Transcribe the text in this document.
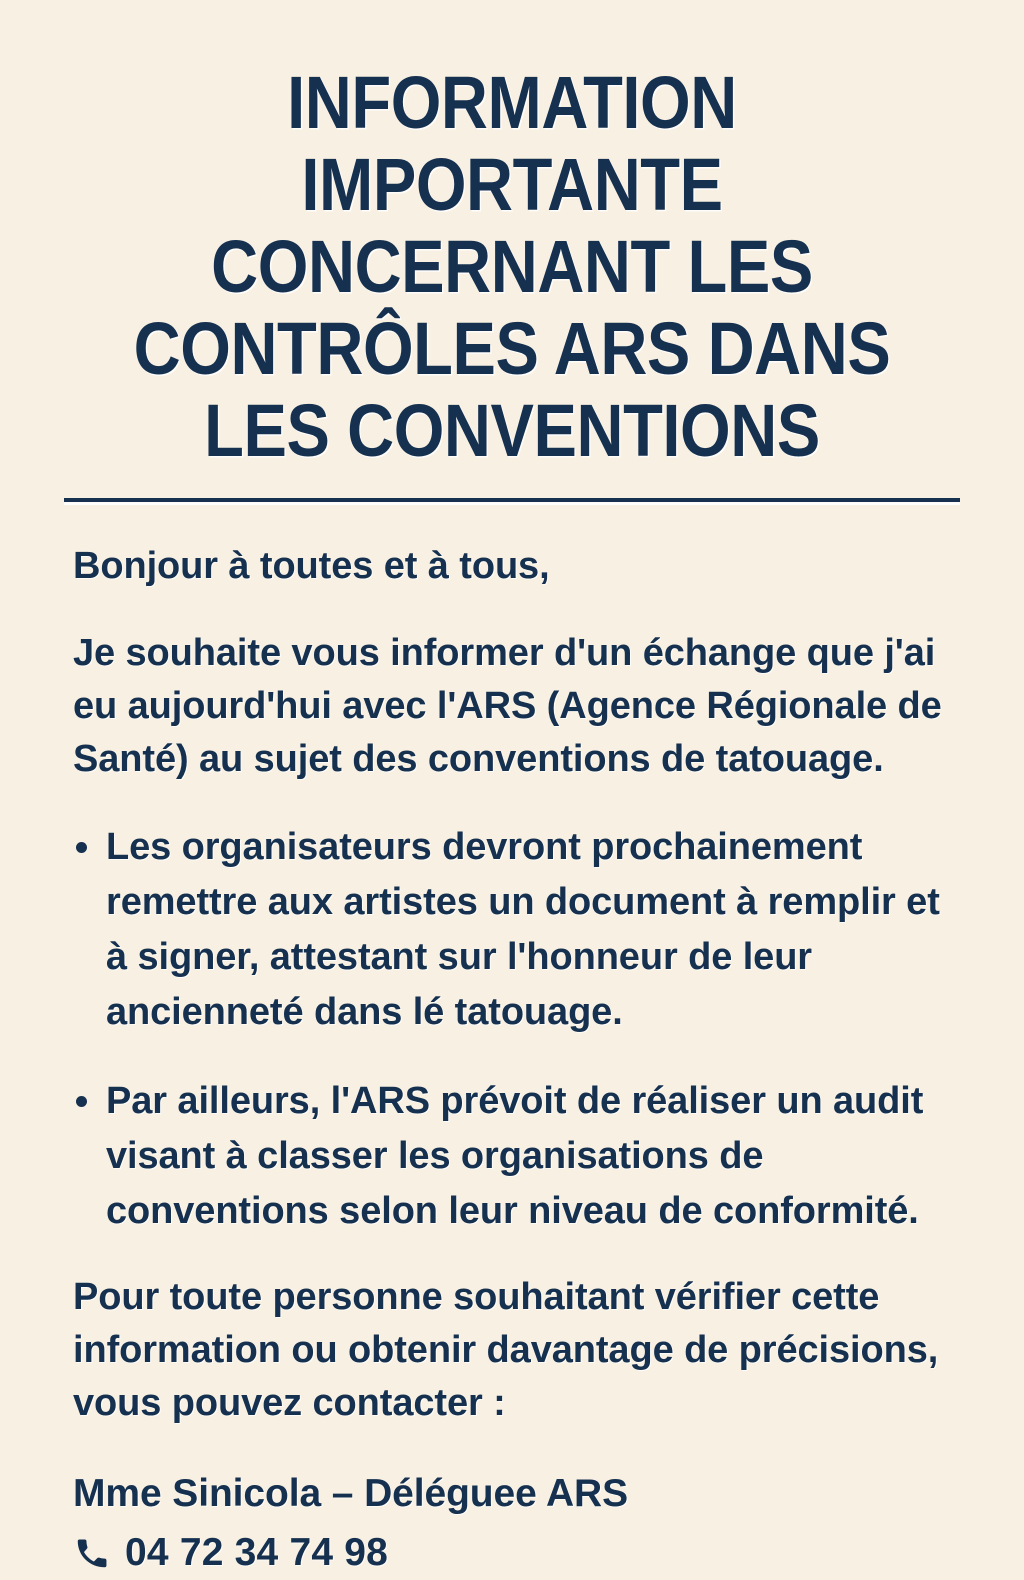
INFORMATION IMPORTANTE CONCERNANT LES CONTRÔLES ARS DANS LES CONVENTIONS

Bonjour à toutes et à tous,

Je souhaite vous informer d'un échange que j'ai eu aujourd'hui avec l'ARS (Agence Régionale de Santé) au sujet des conventions de tatouage.

Les organisateurs devront prochainement remettre aux artistes un document à remplir et à signer, attestant sur l'honneur de leur ancienneté dans lé tatouage.
Par ailleurs, l'ARS prévoit de réaliser un audit visant à classer les organisations de conventions selon leur niveau de conformité.

Pour toute personne souhaitant vérifier cette information ou obtenir davantage de précisions, vous pouvez contacter :

Mme Sinicola – Déléguee ARS
04 72 34 74 98
